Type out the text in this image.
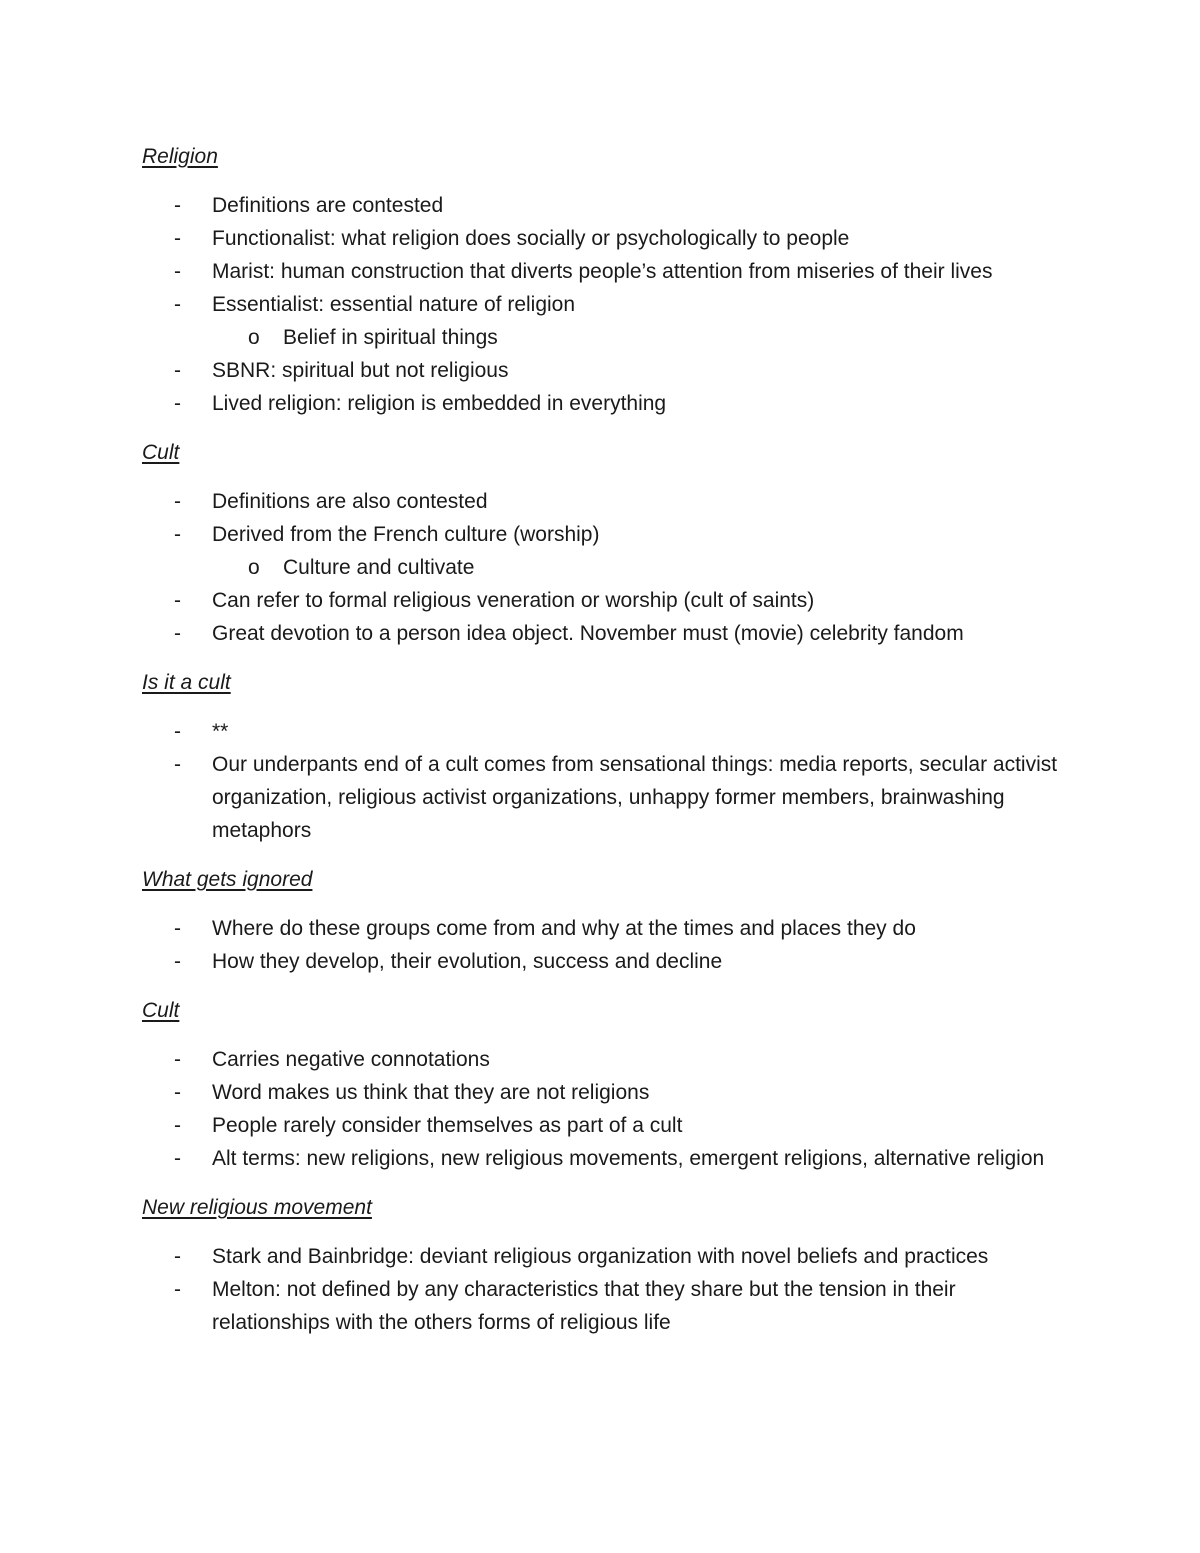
Religion
-	Definitions are contested
-	Functionalist: what religion does socially or psychologically to people
-	Marist: human construction that diverts people’s attention from miseries of their lives
-	Essentialist: essential nature of religion
o	Belief in spiritual things
-	SBNR: spiritual but not religious
-	Lived religion: religion is embedded in everything
Cult
-	Definitions are also contested
-	Derived from the French culture (worship)
o	Culture and cultivate
-	Can refer to formal religious veneration or worship (cult of saints)
-	Great devotion to a person idea object. November must (movie) celebrity fandom
Is it a cult
-	**
-	Our underpants end of a cult comes from sensational things: media reports, secular activist organization, religious activist organizations, unhappy former members, brainwashing metaphors
What gets ignored
-	Where do these groups come from and why at the times and places they do
-	How they develop, their evolution, success and decline
Cult
-	Carries negative connotations
-	Word makes us think that they are not religions
-	People rarely consider themselves as part of a cult
-	Alt terms: new religions, new religious movements, emergent religions, alternative religion
New religious movement
-	Stark and Bainbridge: deviant religious organization with novel beliefs and practices
-	Melton: not defined by any characteristics that they share but the tension in their relationships with the others forms of religious life
